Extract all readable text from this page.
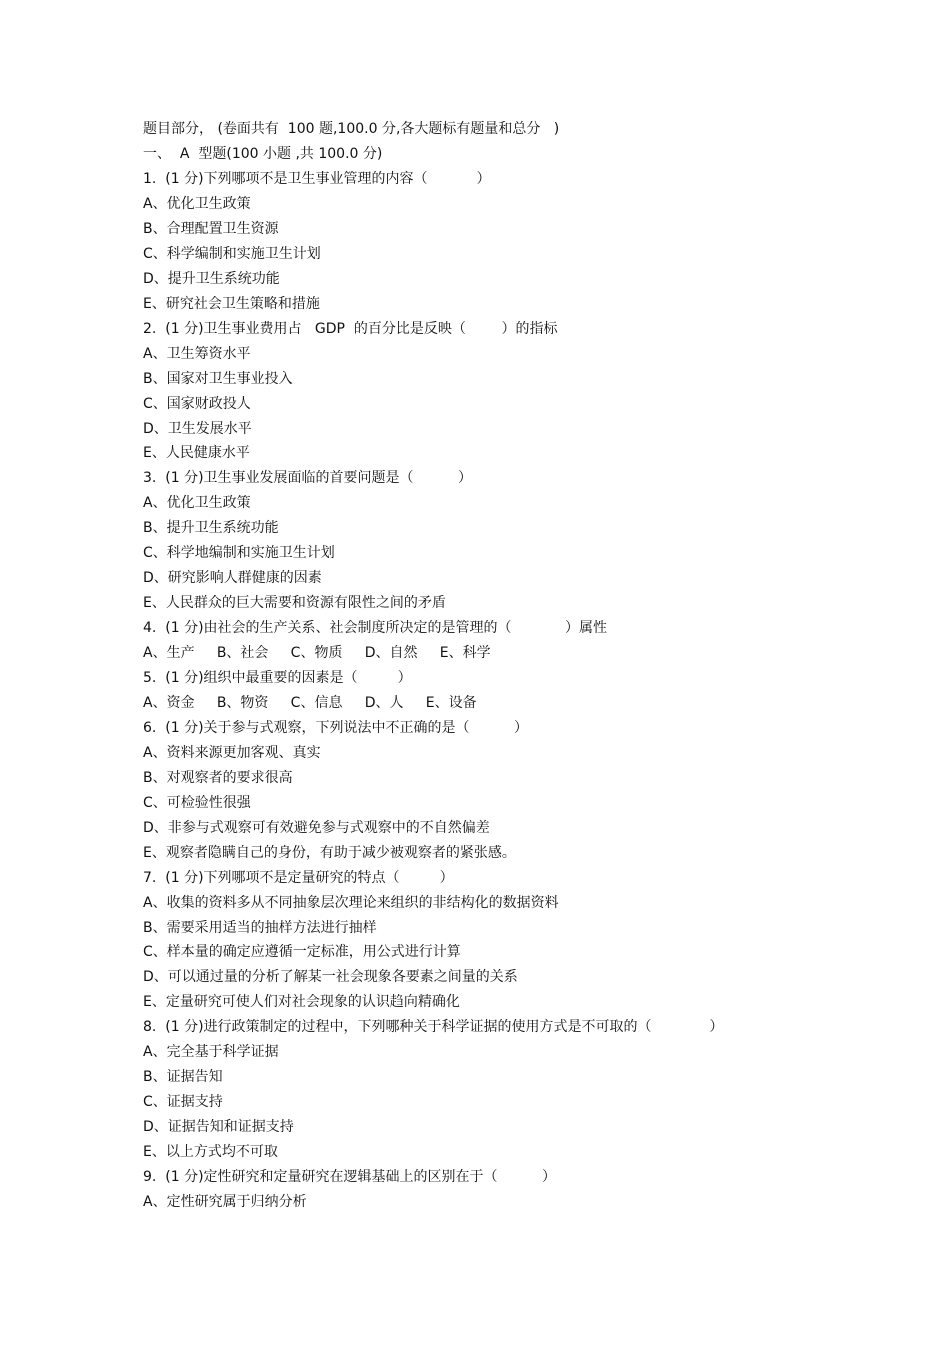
题目部分， (卷面共有  100 题,100.0 分,各大题标有题量和总分   )
一、  A  型题(100 小题 ,共 100.0 分)
1.  (1 分)下列哪项不是卫生事业管理的内容（           ）
A、优化卫生政策
B、合理配置卫生资源
C、科学编制和实施卫生计划
D、提升卫生系统功能
E、研究社会卫生策略和措施
2.  (1 分)卫生事业费用占   GDP  的百分比是反映（        ）的指标
A、卫生筹资水平
B、国家对卫生事业投入
C、国家财政投人
D、卫生发展水平
E、人民健康水平
3.  (1 分)卫生事业发展面临的首要问题是（          ）
A、优化卫生政策
B、提升卫生系统功能
C、科学地编制和实施卫生计划
D、研究影响人群健康的因素
E、人民群众的巨大需要和资源有限性之间的矛盾
4.  (1 分)由社会的生产关系、社会制度所决定的是管理的（            ）属性
A、生产     B、社会     C、物质     D、自然     E、科学
5.  (1 分)组织中最重要的因素是（         ）
A、资金     B、物资     C、信息     D、人     E、设备
6.  (1 分)关于参与式观察，下列说法中不正确的是（          ）
A、资料来源更加客观、真实
B、对观察者的要求很高
C、可检验性很强
D、非参与式观察可有效避免参与式观察中的不自然偏差
E、观察者隐瞒自己的身份，有助于减少被观察者的紧张感。
7.  (1 分)下列哪项不是定量研究的特点（         ）
A、收集的资料多从不同抽象层次理论来组织的非结构化的数据资料
B、需要采用适当的抽样方法进行抽样
C、样本量的确定应遵循一定标准，用公式进行计算
D、可以通过量的分析了解某一社会现象各要素之间量的关系
E、定量研究可使人们对社会现象的认识趋向精确化
8.  (1 分)进行政策制定的过程中，下列哪种关于科学证据的使用方式是不可取的（             ）
A、完全基于科学证据
B、证据告知
C、证据支持
D、证据告知和证据支持
E、以上方式均不可取
9.  (1 分)定性研究和定量研究在逻辑基础上的区别在于（          ）
A、定性研究属于归纳分析
